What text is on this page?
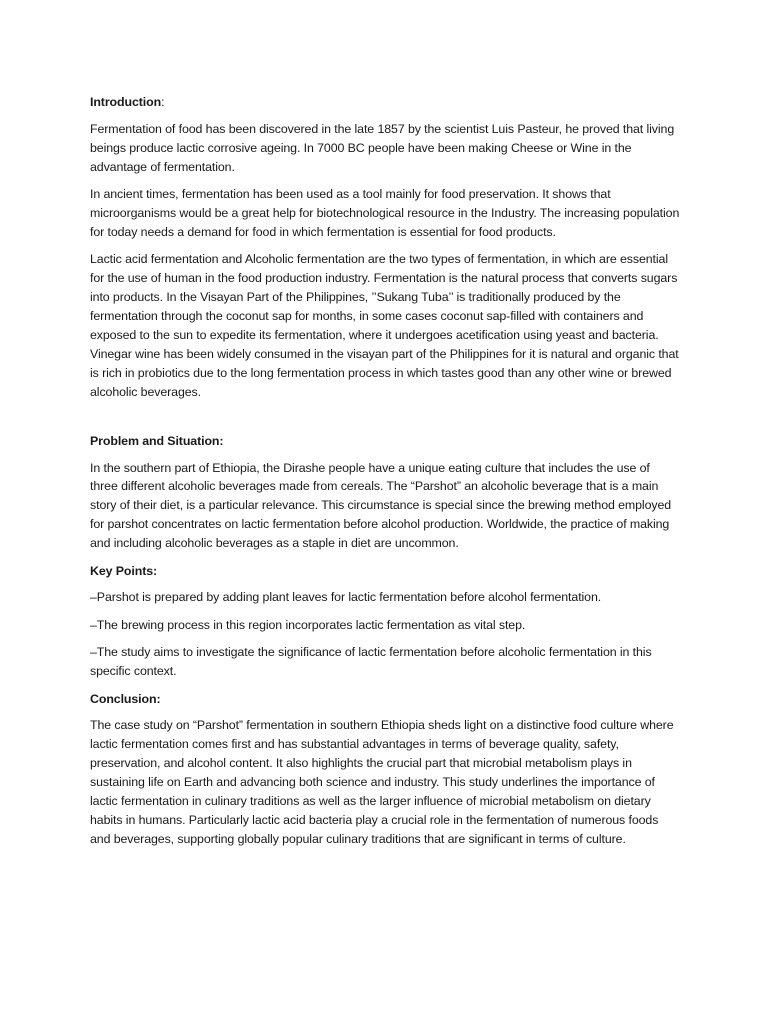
Introduction:

Fermentation of food has been discovered in the late 1857 by the scientist Luis Pasteur, he proved that living beings produce lactic corrosive ageing. In 7000 BC people have been making Cheese or Wine in the advantage of fermentation.

In ancient times, fermentation has been used as a tool mainly for food preservation. It shows that microorganisms would be a great help for biotechnological resource in the Industry. The increasing population for today needs a demand for food in which fermentation is essential for food products.

Lactic acid fermentation and Alcoholic fermentation are the two types of fermentation, in which are essential for the use of human in the food production industry. Fermentation is the natural process that converts sugars into products. In the Visayan Part of the Philippines, ’’Sukang Tuba’’ is traditionally produced by the fermentation through the coconut sap for months, in some cases coconut sap-filled with containers and exposed to the sun to expedite its fermentation, where it undergoes acetification using yeast and bacteria. Vinegar wine has been widely consumed in the visayan part of the Philippines for it is natural and organic that is rich in probiotics due to the long fermentation process in which tastes good than any other wine or brewed alcoholic beverages.

Problem and Situation:

In the southern part of Ethiopia, the Dirashe people have a unique eating culture that includes the use of three different alcoholic beverages made from cereals. The “Parshot” an alcoholic beverage that is a main story of their diet, is a particular relevance. This circumstance is special since the brewing method employed for parshot concentrates on lactic fermentation before alcohol production. Worldwide, the practice of making and including alcoholic beverages as a staple in diet are uncommon.

Key Points:

–Parshot is prepared by adding plant leaves for lactic fermentation before alcohol fermentation.

–The brewing process in this region incorporates lactic fermentation as vital step.

–The study aims to investigate the significance of lactic fermentation before alcoholic fermentation in this specific context.

Conclusion:

The case study on “Parshot” fermentation in southern Ethiopia sheds light on a distinctive food culture where lactic fermentation comes first and has substantial advantages in terms of beverage quality, safety, preservation, and alcohol content. It also highlights the crucial part that microbial metabolism plays in sustaining life on Earth and advancing both science and industry. This study underlines the importance of lactic fermentation in culinary traditions as well as the larger influence of microbial metabolism on dietary habits in humans. Particularly lactic acid bacteria play a crucial role in the fermentation of numerous foods and beverages, supporting globally popular culinary traditions that are significant in terms of culture.
